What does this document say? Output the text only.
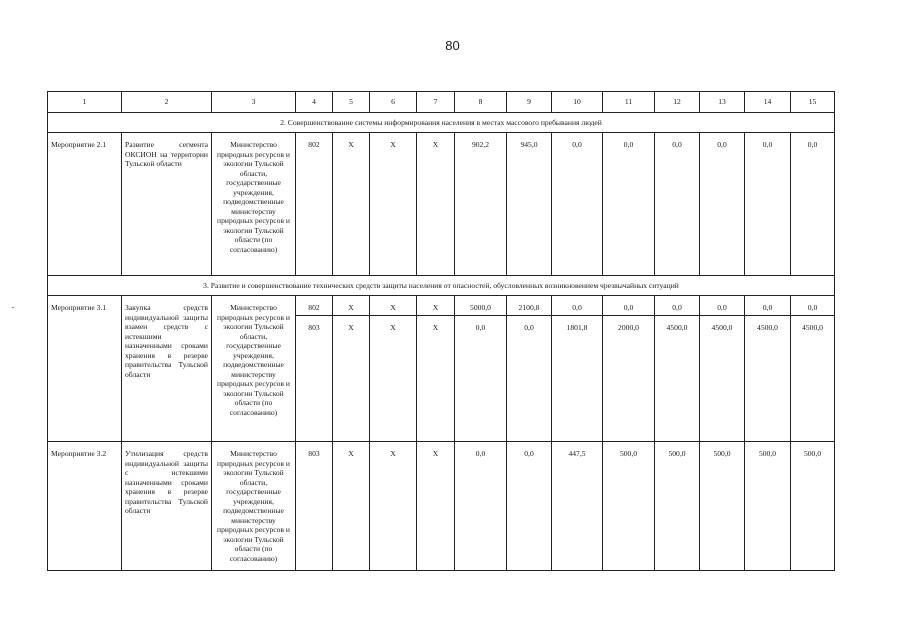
80
1	2	3	4	5	6	7	8	9	10	11	12	13	14	15
2. Совершенствование системы информирования населения в местах массового пребывания людей														
Мероприятие 2.1	Развитие сегмента ОКСИОН на территории Тульской области	Министерство природных ресурсов и экологии Тульской области, государственные учреждения, подведомственные министерству природных ресурсов и экологии Тульской области (по согласованию)	802	X	X	X	902,2	945,0	0,0	0,0	0,0	0,0	0,0	0,0
3. Развитие и совершенствование технических средств защиты населения от опасностей, обусловленных возникновением чрезвычайных ситуаций														
Мероприятие 3.1	Закупка средств индивидуальной защиты взамен средств с истекшими назначенными сроками хранения в резерве правительства Тульской области	Министерство природных ресурсов и экологии Тульской области, государственные учреждения, подведомственные министерству природных ресурсов и экологии Тульской области (по согласованию)	802	X	X	X	5000,0	2100,8	0,0	0,0	0,0	0,0	0,0	0,0
			803	X	X	X	0,0	0,0	1801,8	2000,0	4500,0	4500,0	4500,0	4500,0
Мероприятие 3.2	Утилизация средств индивидуальной защиты с истекшими назначенными сроками хранения в резерве правительства Тульской области	Министерство природных ресурсов и экологии Тульской области, государственные учреждения, подведомственные министерству природных ресурсов и экологии Тульской области (по согласованию)	803	X	X	X	0,0	0,0	447,5	500,0	500,0	500,0	500,0	500,0
